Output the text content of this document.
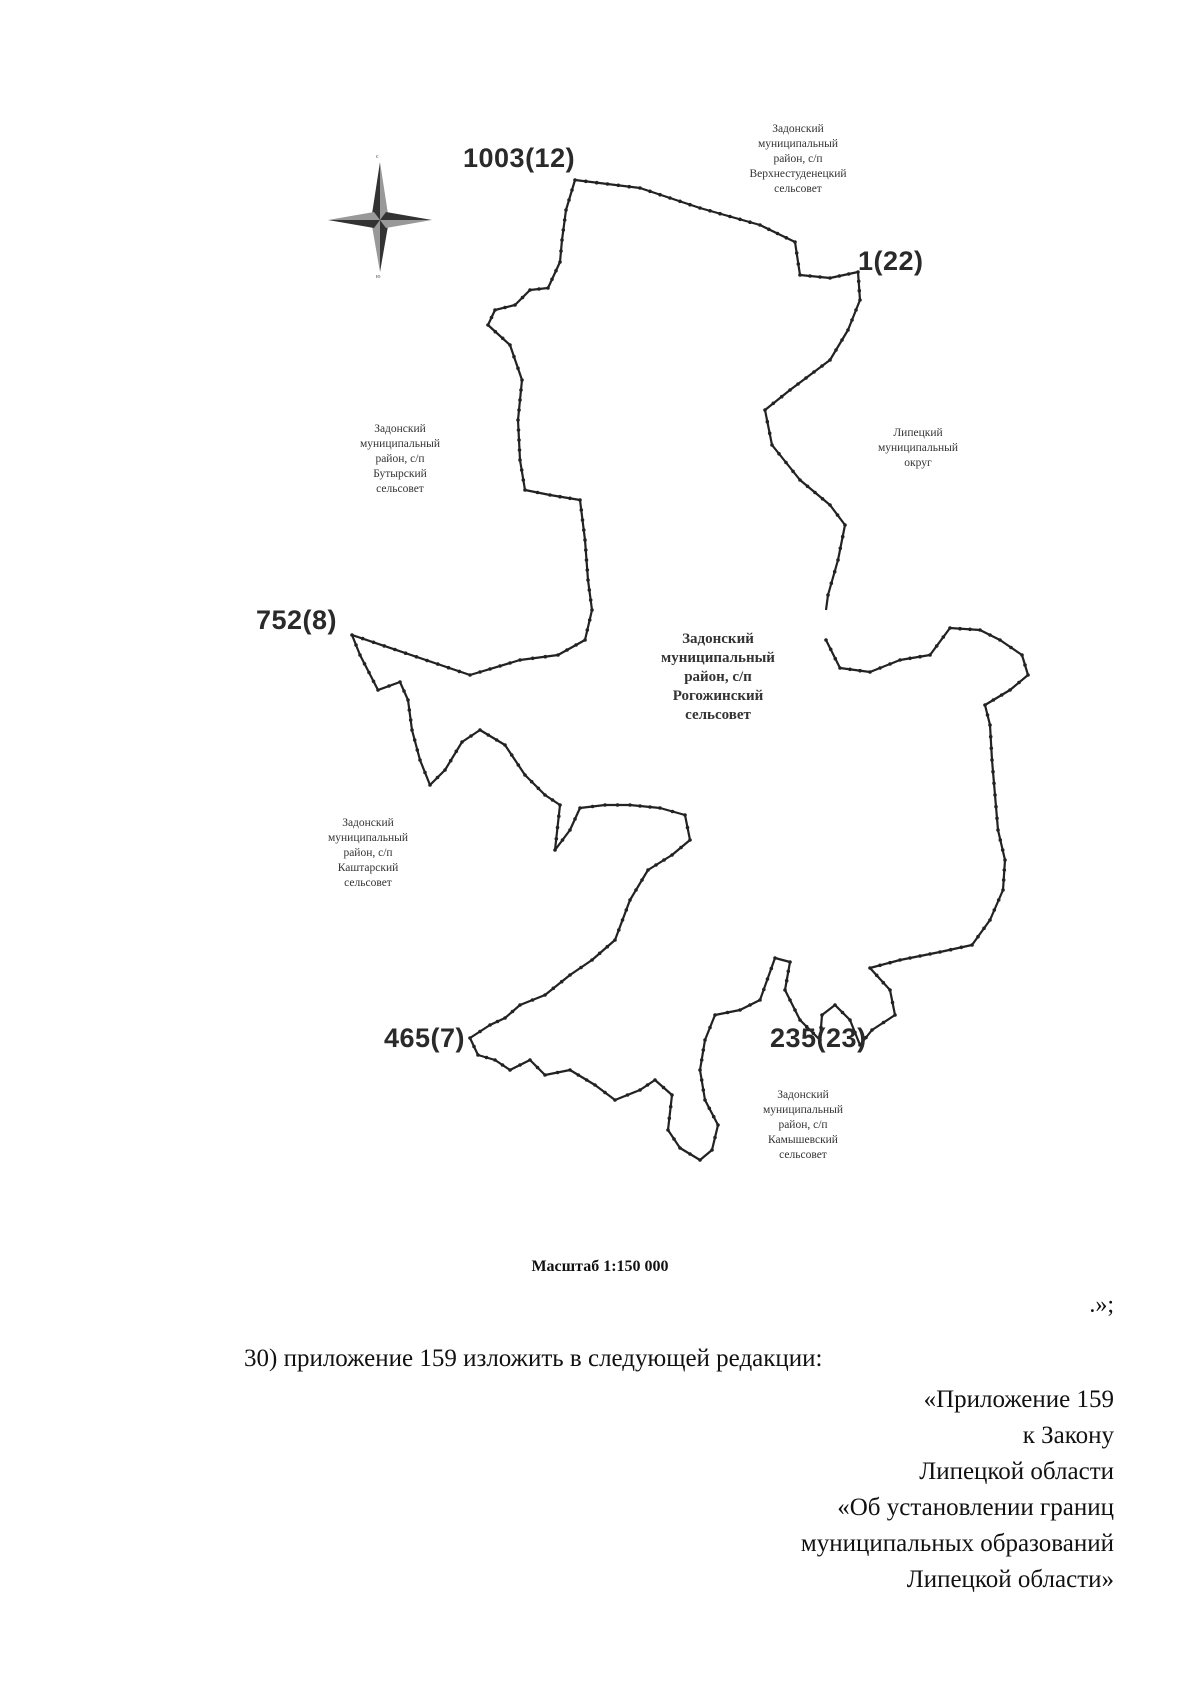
с
ю
1003(12)
1(22)
752(8)
465(7)	235(23)
Задонский
муниципальный
район, с/п
Верхнестуденецкий
сельсовет
Задонский
муниципальный
район, с/п
Бутырский
сельсовет
Липецкий
муниципальный
округ
Задонский
муниципальный
район, с/п
Каштарский
сельсовет
Задонский
муниципальный
район, с/п
Камышевский
сельсовет
Задонский
муниципальный
район, с/п
Рогожинский
сельсовет
Масштаб 1:150 000
.»;
30) приложение 159 изложить в следующей редакции:
«Приложение 159
к Закону
Липецкой области
«Об установлении границ
муниципальных образований
Липецкой области»
